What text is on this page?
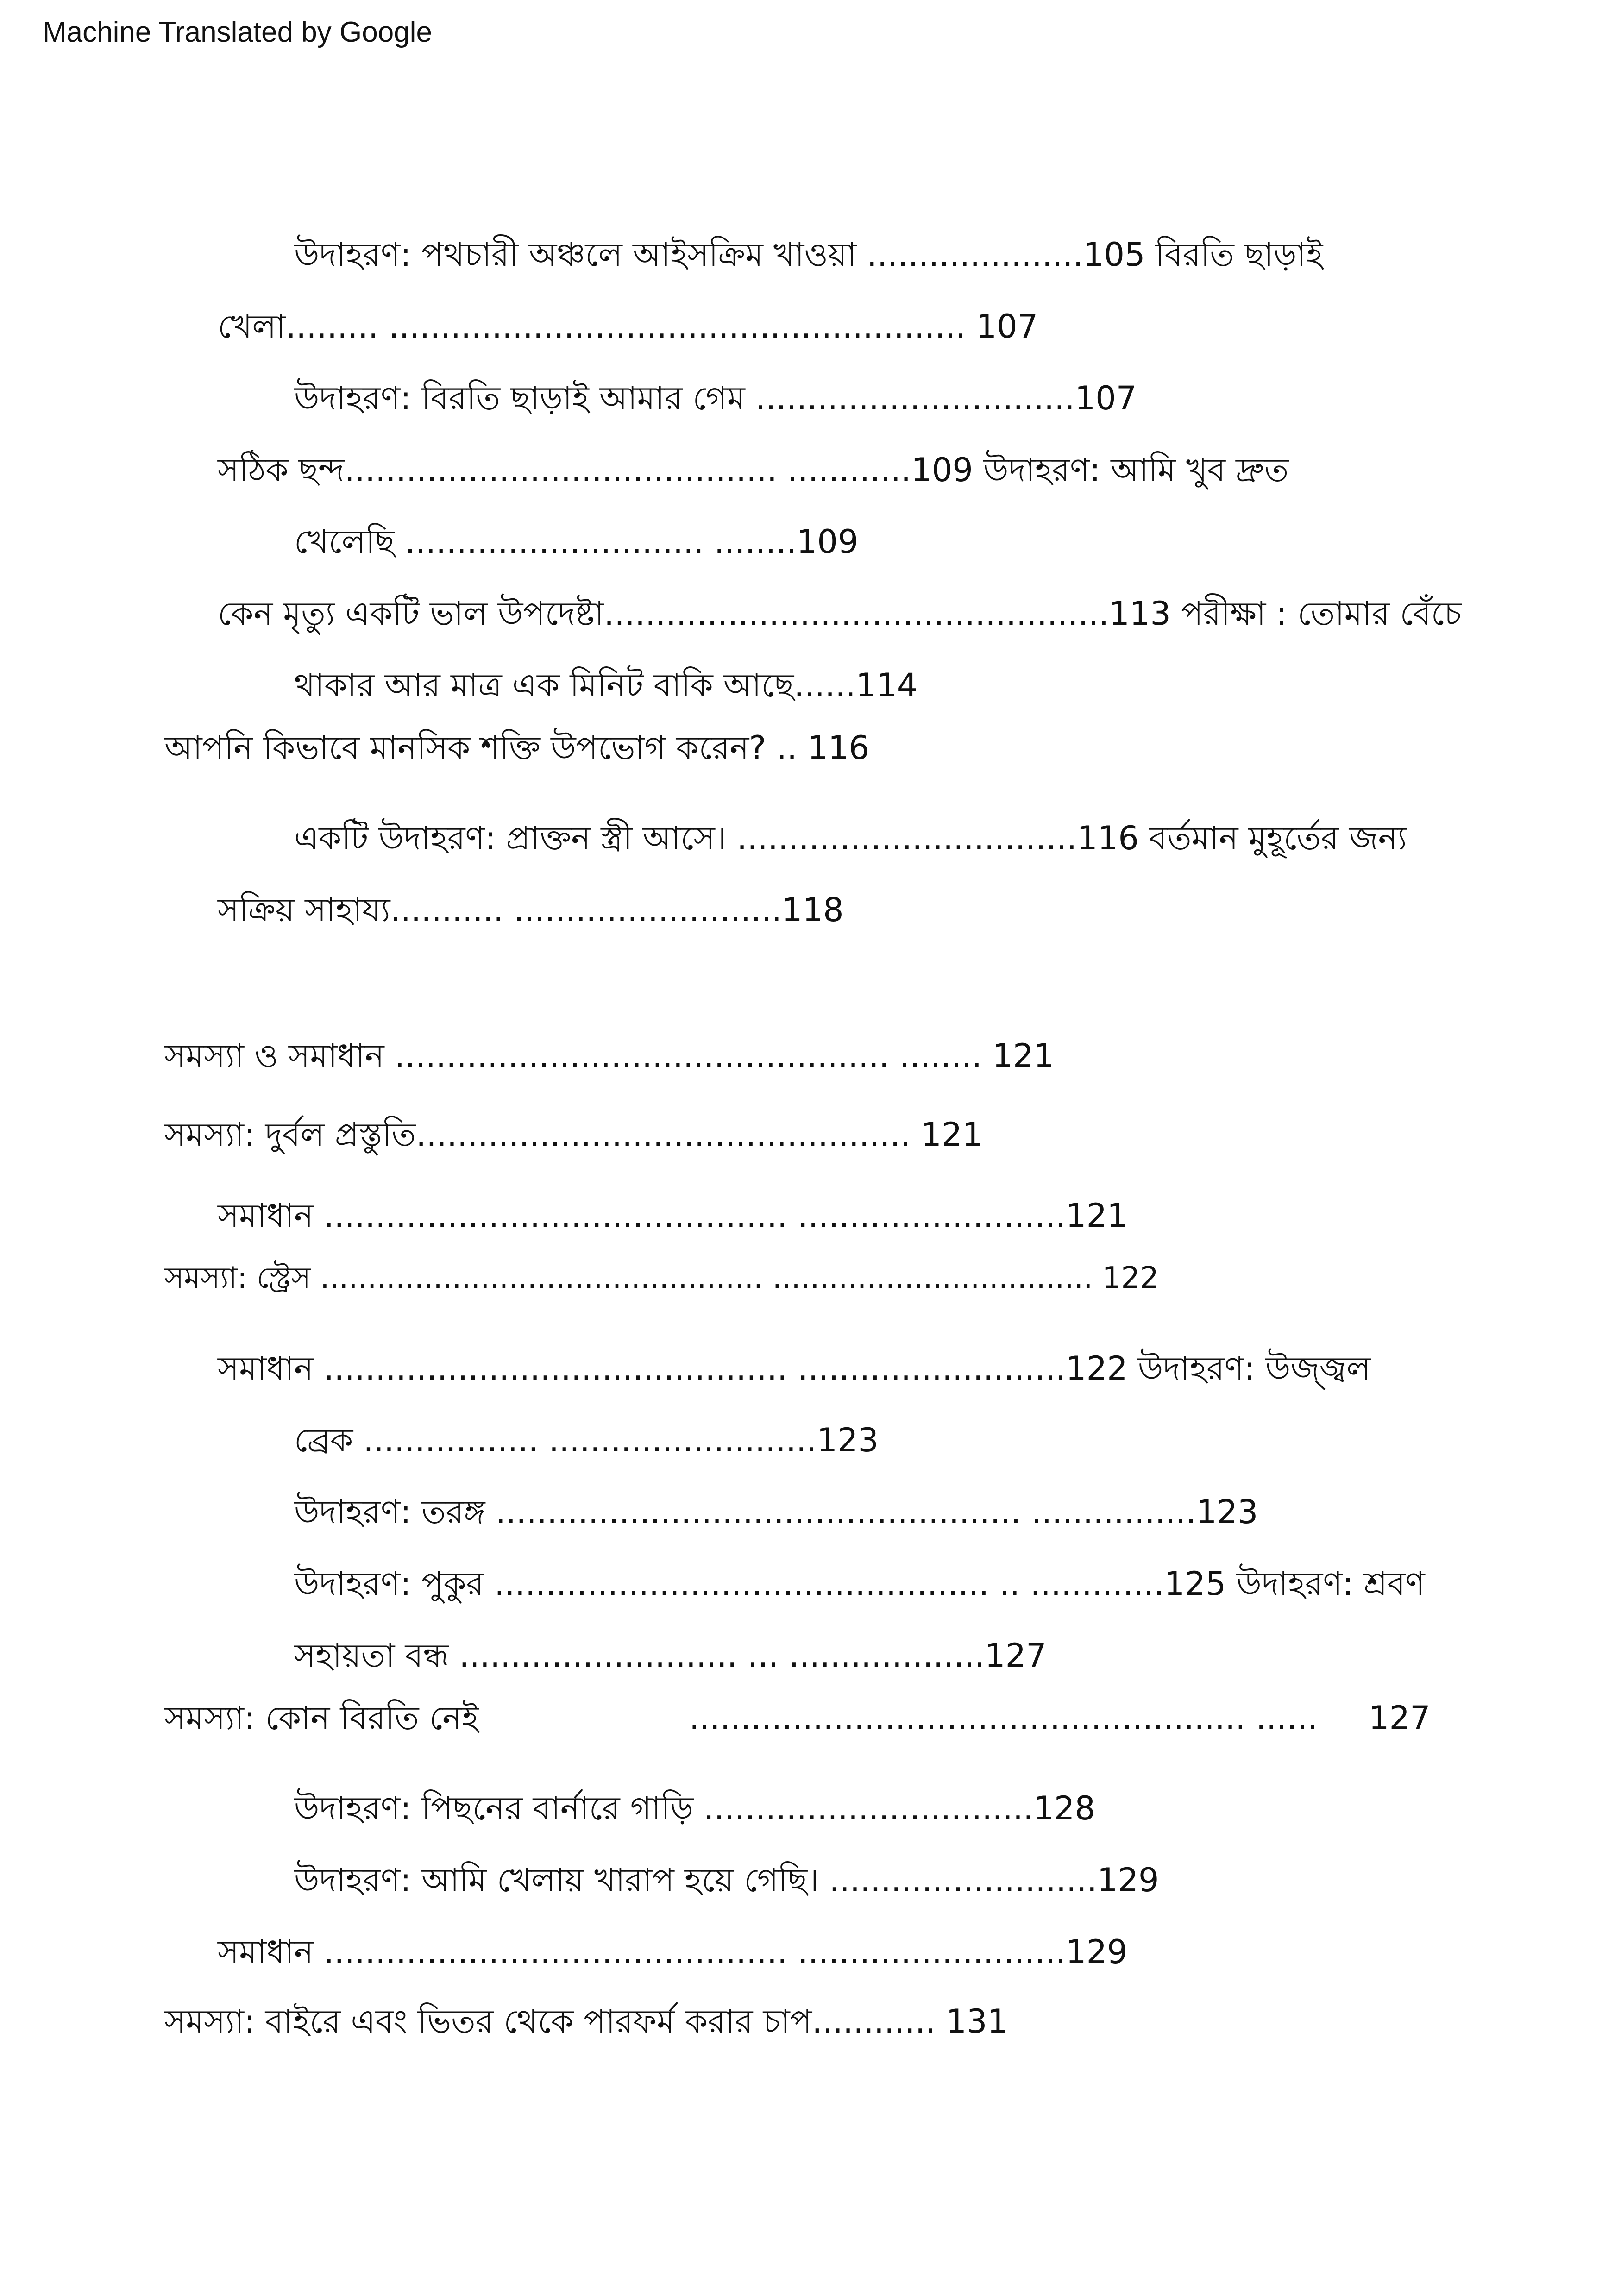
Machine Translated by Google
উদাহরণ: পথচারী অঞ্চলে আইসক্রিম খাওয়া .....................105 বিরতি ছাড়াই
খেলা......... ........................................................ 107
উদাহরণ: বিরতি ছাড়াই আমার গেম ...............................107
সঠিক ছন্দ.......................................... ............109 উদাহরণ: আমি খুব দ্রুত
খেলেছি ............................. ........109
কেন মৃত্যু একটি ভাল উপদেষ্টা.................................................113 পরীক্ষা : তোমার বেঁচে
থাকার আর মাত্র এক মিনিট বাকি আছে......114
আপনি কিভাবে মানসিক শক্তি উপভোগ করেন? .. 116
একটি উদাহরণ: প্রাক্তন স্ত্রী আসে। .................................116 বর্তমান মুহূর্তের জন্য
সক্রিয় সাহায্য........... ..........................118
সমস্যা ও সমাধান ................................................ ........ 121
সমস্যা: দুর্বল প্রস্তুতি................................................ 121
সমাধান ............................................. ..........................121
সমস্যা: স্ট্রেস ............................................... .................................. 122
সমাধান ............................................. ..........................122 উদাহরণ: উজ্জ্বল
ব্রেক ................. ..........................123
উদাহরণ: তরঙ্গ ................................................... ................123
উদাহরণ: পুকুর ................................................ .. .............125 উদাহরণ: শ্রবণ
সহায়তা বন্ধ ........................... ... ...................127
সমস্যা: কোন বিরতি নেই	...................................................... ...... 127
উদাহরণ: পিছনের বার্নারে গাড়ি ................................128
উদাহরণ: আমি খেলায় খারাপ হয়ে গেছি। ..........................129
সমাধান ............................................. ..........................129
সমস্যা: বাইরে এবং ভিতর থেকে পারফর্ম করার চাপ............ 131
